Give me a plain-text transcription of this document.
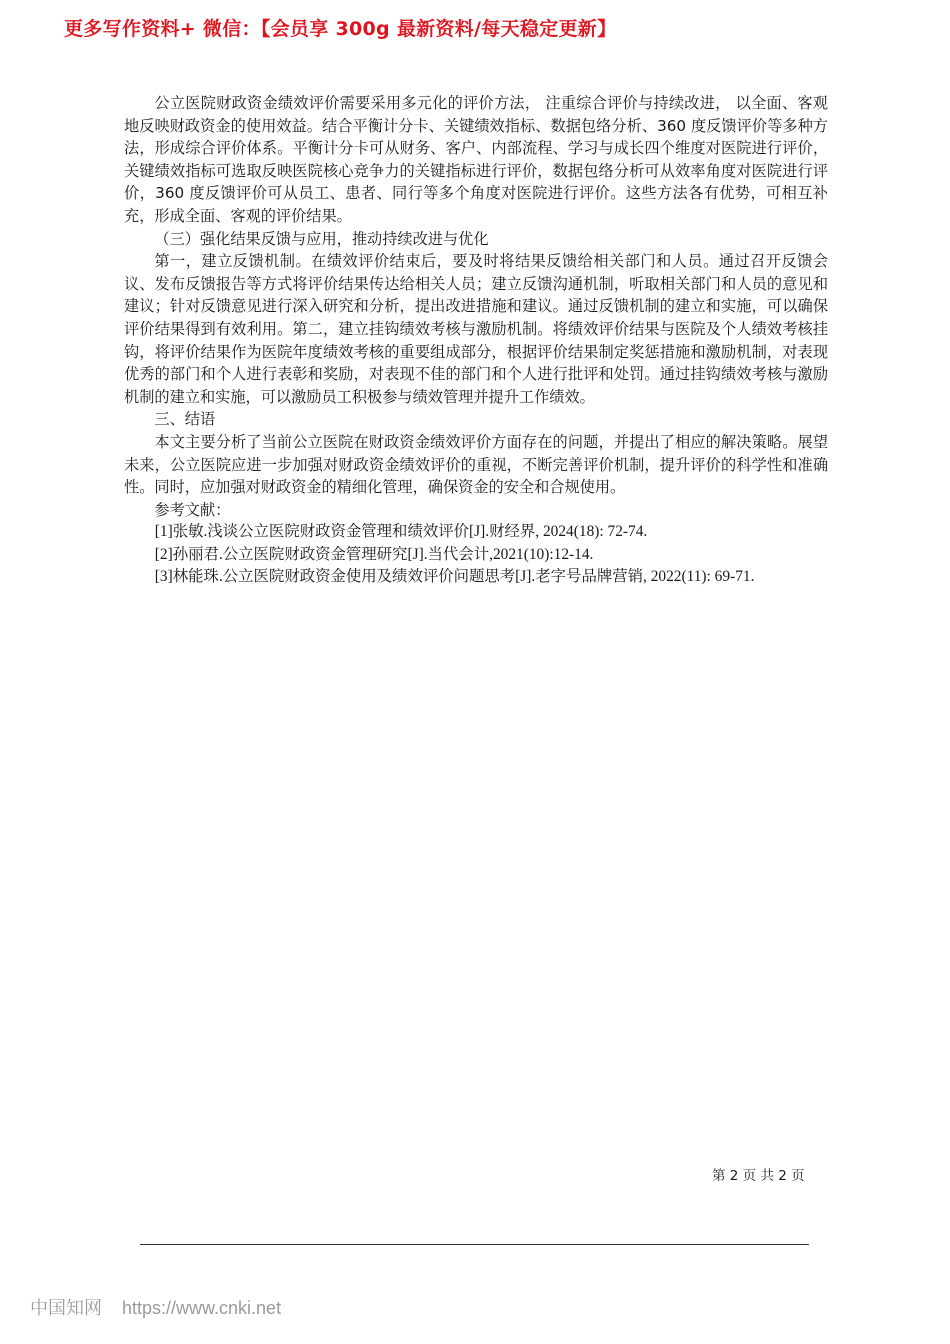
更多写作资料+ 微信：【会员享 300g 最新资料/每天稳定更新】

公立医院财政资金绩效评价需要采用多元化的评价方法， 注重综合评价与持续改进， 以全面、客观地反映财政资金的使用效益。结合平衡计分卡、关键绩效指标、数据包络分析、360 度反馈评价等多种方法，形成综合评价体系。平衡计分卡可从财务、客户、内部流程、学习与成长四个维度对医院进行评价，关键绩效指标可选取反映医院核心竞争力的关键指标进行评价，数据包络分析可从效率角度对医院进行评价，360 度反馈评价可从员工、患者、同行等多个角度对医院进行评价。这些方法各有优势，可相互补充，形成全面、客观的评价结果。

（三）强化结果反馈与应用，推动持续改进与优化

第一，建立反馈机制。在绩效评价结束后，要及时将结果反馈给相关部门和人员。通过召开反馈会议、发布反馈报告等方式将评价结果传达给相关人员；建立反馈沟通机制，听取相关部门和人员的意见和建议；针对反馈意见进行深入研究和分析，提出改进措施和建议。通过反馈机制的建立和实施，可以确保评价结果得到有效利用。第二，建立挂钩绩效考核与激励机制。将绩效评价结果与医院及个人绩效考核挂钩，将评价结果作为医院年度绩效考核的重要组成部分，根据评价结果制定奖惩措施和激励机制，对表现优秀的部门和个人进行表彰和奖励，对表现不佳的部门和个人进行批评和处罚。通过挂钩绩效考核与激励机制的建立和实施，可以激励员工积极参与绩效管理并提升工作绩效。

三、结语

本文主要分析了当前公立医院在财政资金绩效评价方面存在的问题，并提出了相应的解决策略。展望未来，公立医院应进一步加强对财政资金绩效评价的重视，不断完善评价机制，提升评价的科学性和准确性。同时，应加强对财政资金的精细化管理，确保资金的安全和合规使用。

参考文献：

[1]张敏.浅谈公立医院财政资金管理和绩效评价[J].财经界, 2024(18): 72-74.

[2]孙丽君.公立医院财政资金管理研究[J].当代会计,2021(10):12-14.

[3]林能珠.公立医院财政资金使用及绩效评价问题思考[J].老字号品牌营销, 2022(11): 69-71.

第 2 页 共 2 页
中国知网 https://www.cnki.net
